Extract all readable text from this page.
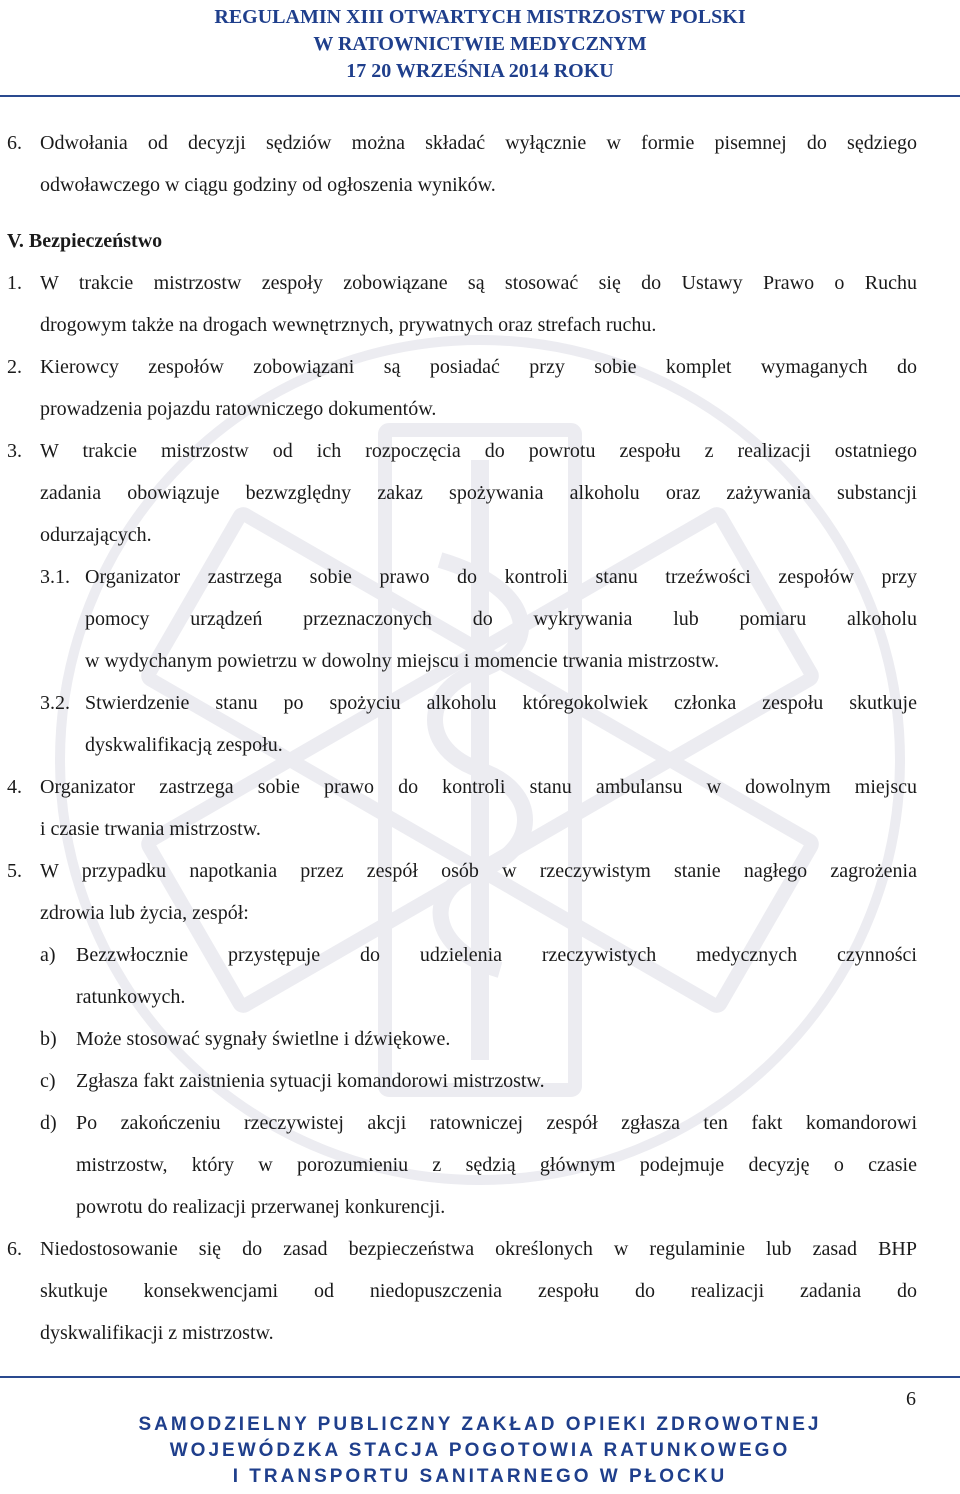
REGULAMIN XIII OTWARTYCH MISTRZOSTW POLSKI
W RATOWNICTWIE MEDYCZNYM
17 20 WRZEŚNIA 2014 ROKU
6. Odwołania od decyzji sędziów można składać wyłącznie w formie pisemnej do sędziego
odwoławczego w ciągu godziny od ogłoszenia wyników.
V. Bezpieczeństwo
1. W trakcie mistrzostw zespoły zobowiązane są stosować się do Ustawy Prawo o Ruchu
drogowym także na drogach wewnętrznych, prywatnych oraz strefach ruchu.
2. Kierowcy zespołów zobowiązani są posiadać przy sobie komplet wymaganych do
prowadzenia pojazdu ratowniczego dokumentów.
3. W trakcie mistrzostw od ich rozpoczęcia do powrotu zespołu z realizacji ostatniego
zadania obowiązuje bezwzględny zakaz spożywania alkoholu oraz zażywania substancji
odurzających.
3.1. Organizator zastrzega sobie prawo do kontroli stanu trzeźwości zespołów przy
pomocy urządzeń przeznaczonych do wykrywania lub pomiaru alkoholu
w wydychanym powietrzu w dowolny miejscu i momencie trwania mistrzostw.
3.2. Stwierdzenie stanu po spożyciu alkoholu któregokolwiek członka zespołu skutkuje
dyskwalifikacją zespołu.
4. Organizator zastrzega sobie prawo do kontroli stanu ambulansu w dowolnym miejscu
i czasie trwania mistrzostw.
5. W przypadku napotkania przez zespół osób w rzeczywistym stanie nagłego zagrożenia
zdrowia lub życia, zespół:
a) Bezzwłocznie przystępuje do udzielenia rzeczywistych medycznych czynności
ratunkowych.
b) Może stosować sygnały świetlne i dźwiękowe.
c) Zgłasza fakt zaistnienia sytuacji komandorowi mistrzostw.
d) Po zakończeniu rzeczywistej akcji ratowniczej zespół zgłasza ten fakt komandorowi
mistrzostw, który w porozumieniu z sędzią głównym podejmuje decyzję o czasie
powrotu do realizacji przerwanej konkurencji.
6. Niedostosowanie się do zasad bezpieczeństwa określonych w regulaminie lub zasad BHP
skutkuje konsekwencjami od niedopuszczenia zespołu do realizacji zadania do
dyskwalifikacji z mistrzostw.
6
SAMODZIELNY PUBLICZNY ZAKŁAD OPIEKI ZDROWOTNEJ
WOJEWÓDZKA STACJA POGOTOWIA RATUNKOWEGO
I TRANSPORTU SANITARNEGO W PŁOCKU
